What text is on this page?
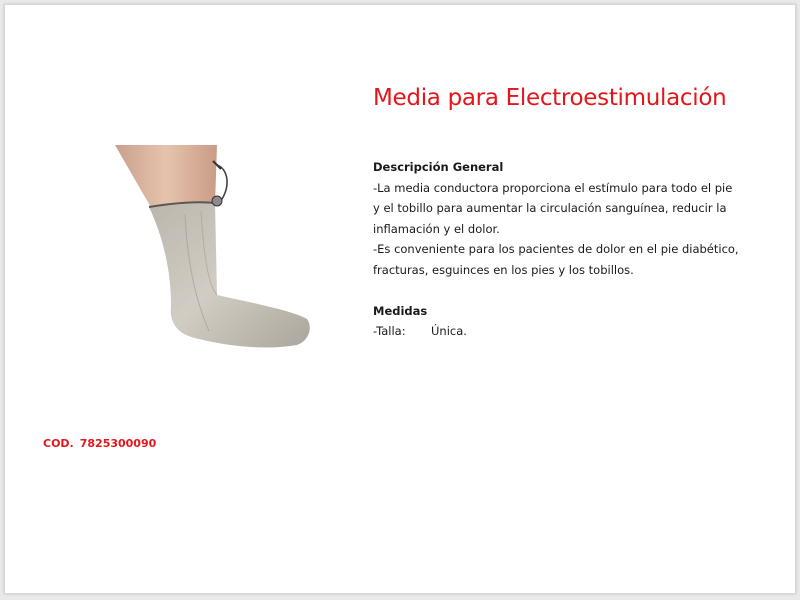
Media para Electroestimulación

Descripción General

-La media conductora proporciona el estímulo para todo el pie

y el tobillo para aumentar la circulación sanguínea, reducir la

inflamación y el dolor.

-Es conveniente para los pacientes de dolor en el pie diabético,

fracturas, esguinces en los pies y los tobillos.

Medidas

-Talla: Única.

COD. 7825300090
